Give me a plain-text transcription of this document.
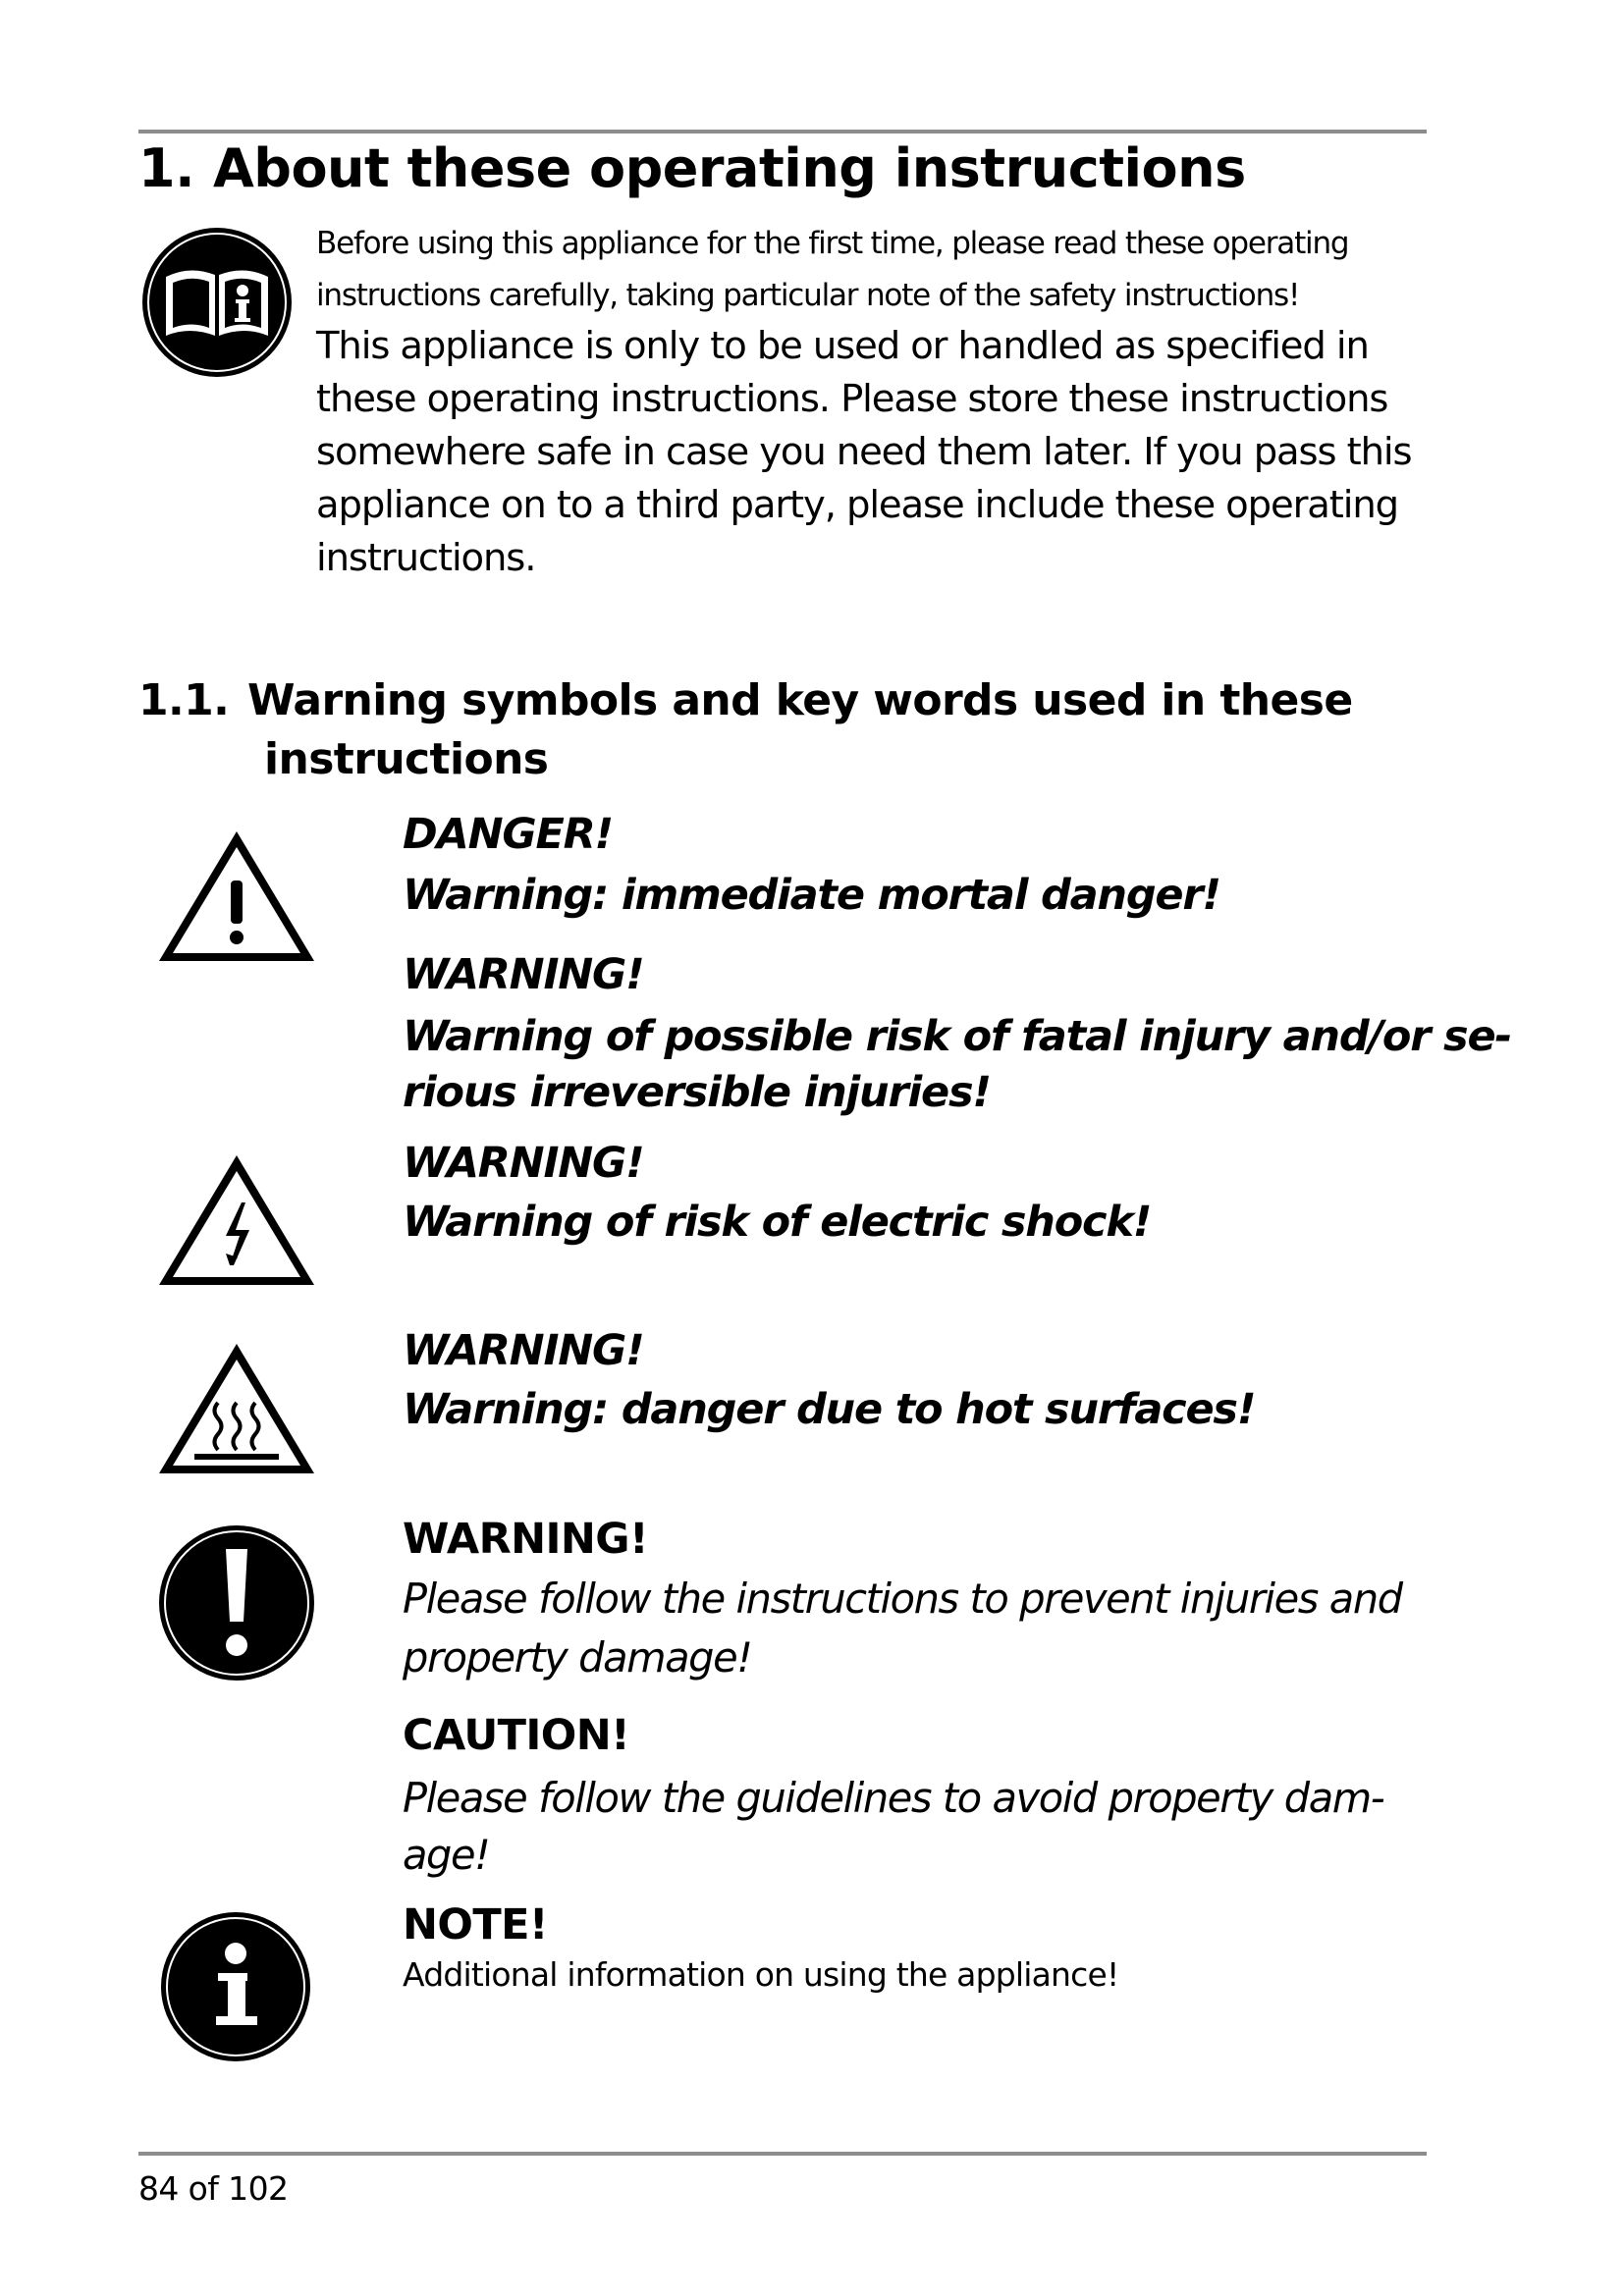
1. About these operating instructions
Before using this appliance for the first time, please read these operating instructions carefully, taking particular note of the safety instructions!
This appliance is only to be used or handled as specified in these operating instructions. Please store these instructions somewhere safe in case you need them later. If you pass this appliance on to a third party, please include these operating instructions.
1.1. Warning symbols and key words used in these
instructions
DANGER!
Warning: immediate mortal danger!
WARNING!
Warning of possible risk of fatal injury and/or se-
rious irreversible injuries!
WARNING!
Warning of risk of electric shock!
WARNING!
Warning: danger due to hot surfaces!
WARNING!
Please follow the instructions to prevent injuries and
property damage!
CAUTION!
Please follow the guidelines to avoid property dam-
age!
NOTE!
Additional information on using the appliance!
84 of 102
